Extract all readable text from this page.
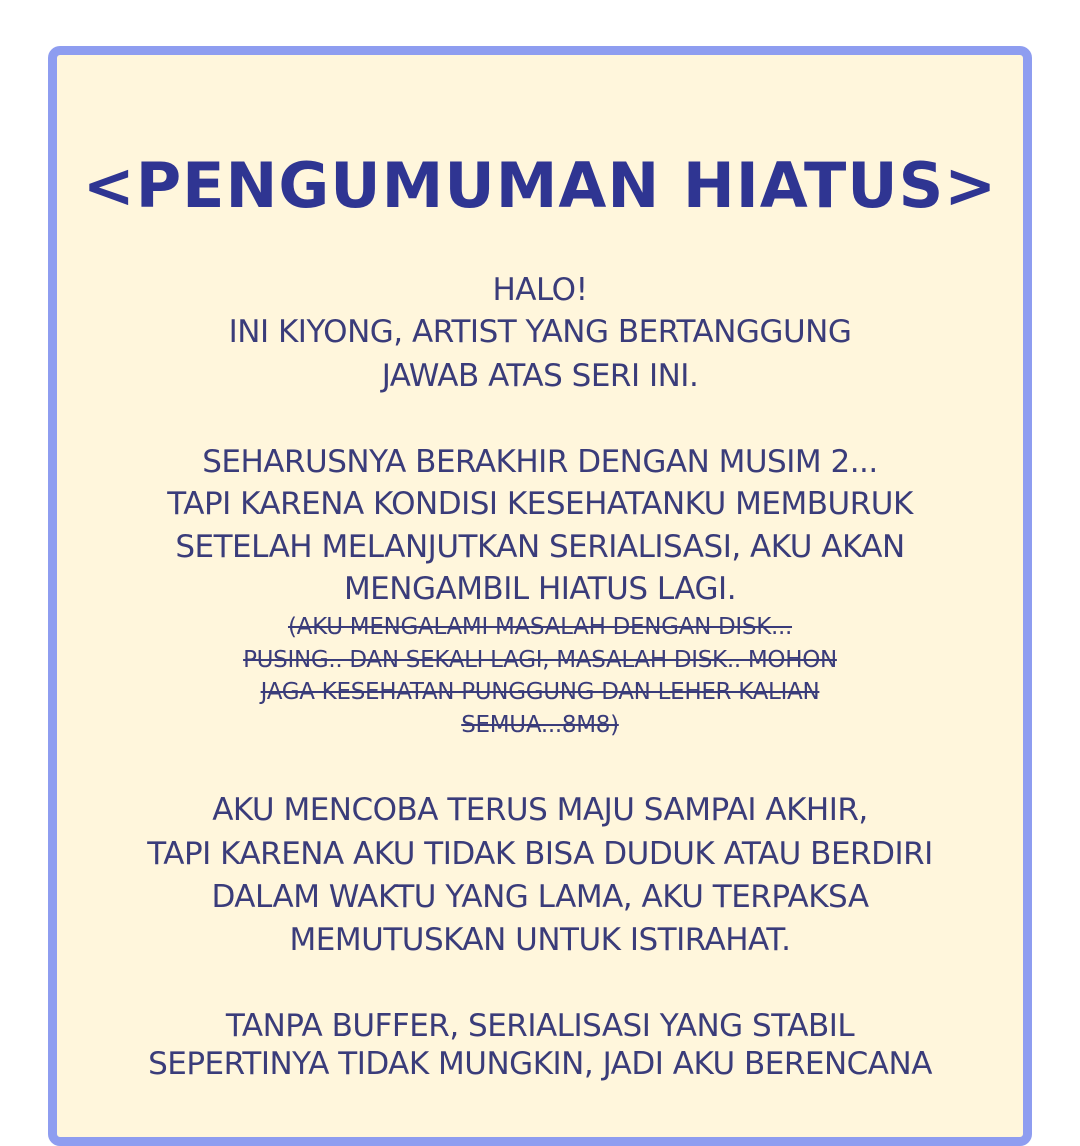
<PENGUMUMAN HIATUS>
HALO!
INI KIYONG, ARTIST YANG BERTANGGUNG
JAWAB ATAS SERI INI.
SEHARUSNYA BERAKHIR DENGAN MUSIM 2...
TAPI KARENA KONDISI KESEHATANKU MEMBURUK
SETELAH MELANJUTKAN SERIALISASI, AKU AKAN
MENGAMBIL HIATUS LAGI.
(AKU MENGALAMI MASALAH DENGAN DISK...
PUSING.. DAN SEKALI LAGI, MASALAH DISK.. MOHON
JAGA KESEHATAN PUNGGUNG DAN LEHER KALIAN
SEMUA...8M8)
AKU MENCOBA TERUS MAJU SAMPAI AKHIR,
TAPI KARENA AKU TIDAK BISA DUDUK ATAU BERDIRI
DALAM WAKTU YANG LAMA, AKU TERPAKSA
MEMUTUSKAN UNTUK ISTIRAHAT.
TANPA BUFFER, SERIALISASI YANG STABIL
SEPERTINYA TIDAK MUNGKIN, JADI AKU BERENCANA
